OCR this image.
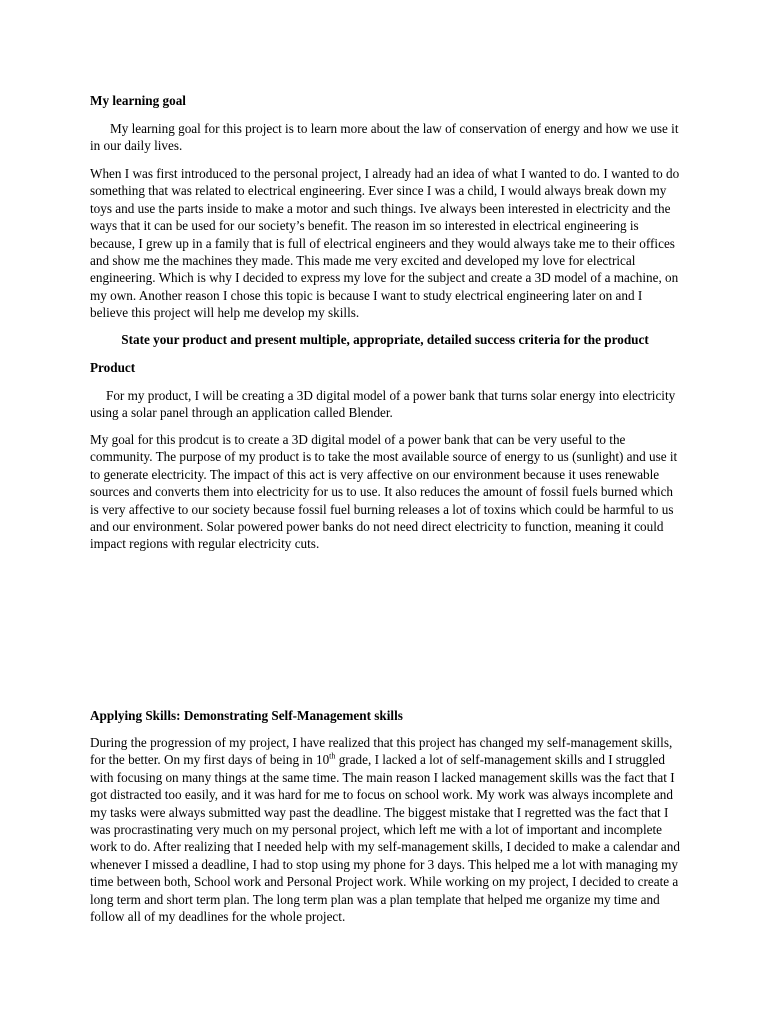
My learning goal

My learning goal for this project is to learn more about the law of conservation of energy and how we use it in our daily lives.

When I was first introduced to the personal project, I already had an idea of what I wanted to do. I wanted to do something that was related to electrical engineering. Ever since I was a child, I would always break down my toys and use the parts inside to make a motor and such things. Ive always been interested in electricity and the ways that it can be used for our society’s benefit. The reason im so interested in electrical engineering is because, I grew up in a family that is full of electrical engineers and they would always take me to their offices and show me the machines they made. This made me very excited and developed my love for electrical engineering. Which is why I decided to express my love for the subject and create a 3D model of a machine, on my own. Another reason I chose this topic is because I want to study electrical engineering later on and I believe this project will help me develop my skills.

State your product and present multiple, appropriate, detailed success criteria for the product

Product

For my product, I will be creating a 3D digital model of a power bank that turns solar energy into electricity using a solar panel through an application called Blender.

My goal for this prodcut is to create a 3D digital model of a power bank that can be very useful to the community. The purpose of my product is to take the most available source of energy to us (sunlight) and use it to generate electricity. The impact of this act is very affective on our environment because it uses renewable sources and converts them into electricity for us to use. It also reduces the amount of fossil fuels burned which is very affective to our society because fossil fuel burning releases a lot of toxins which could be harmful to us and our environment. Solar powered power banks do not need direct electricity to function, meaning it could impact regions with regular electricity cuts.

Applying Skills: Demonstrating Self-Management skills

During the progression of my project, I have realized that this project has changed my self-management skills, for the better. On my first days of being in 10th grade, I lacked a lot of self-management skills and I struggled with focusing on many things at the same time. The main reason I lacked management skills was the fact that I got distracted too easily, and it was hard for me to focus on school work. My work was always incomplete and my tasks were always submitted way past the deadline. The biggest mistake that I regretted was the fact that I was procrastinating very much on my personal project, which left me with a lot of important and incomplete work to do. After realizing that I needed help with my self-management skills, I decided to make a calendar and whenever I missed a deadline, I had to stop using my phone for 3 days. This helped me a lot with managing my time between both, School work and Personal Project work. While working on my project, I decided to create a long term and short term plan. The long term plan was a plan template that helped me organize my time and follow all of my deadlines for the whole project.
